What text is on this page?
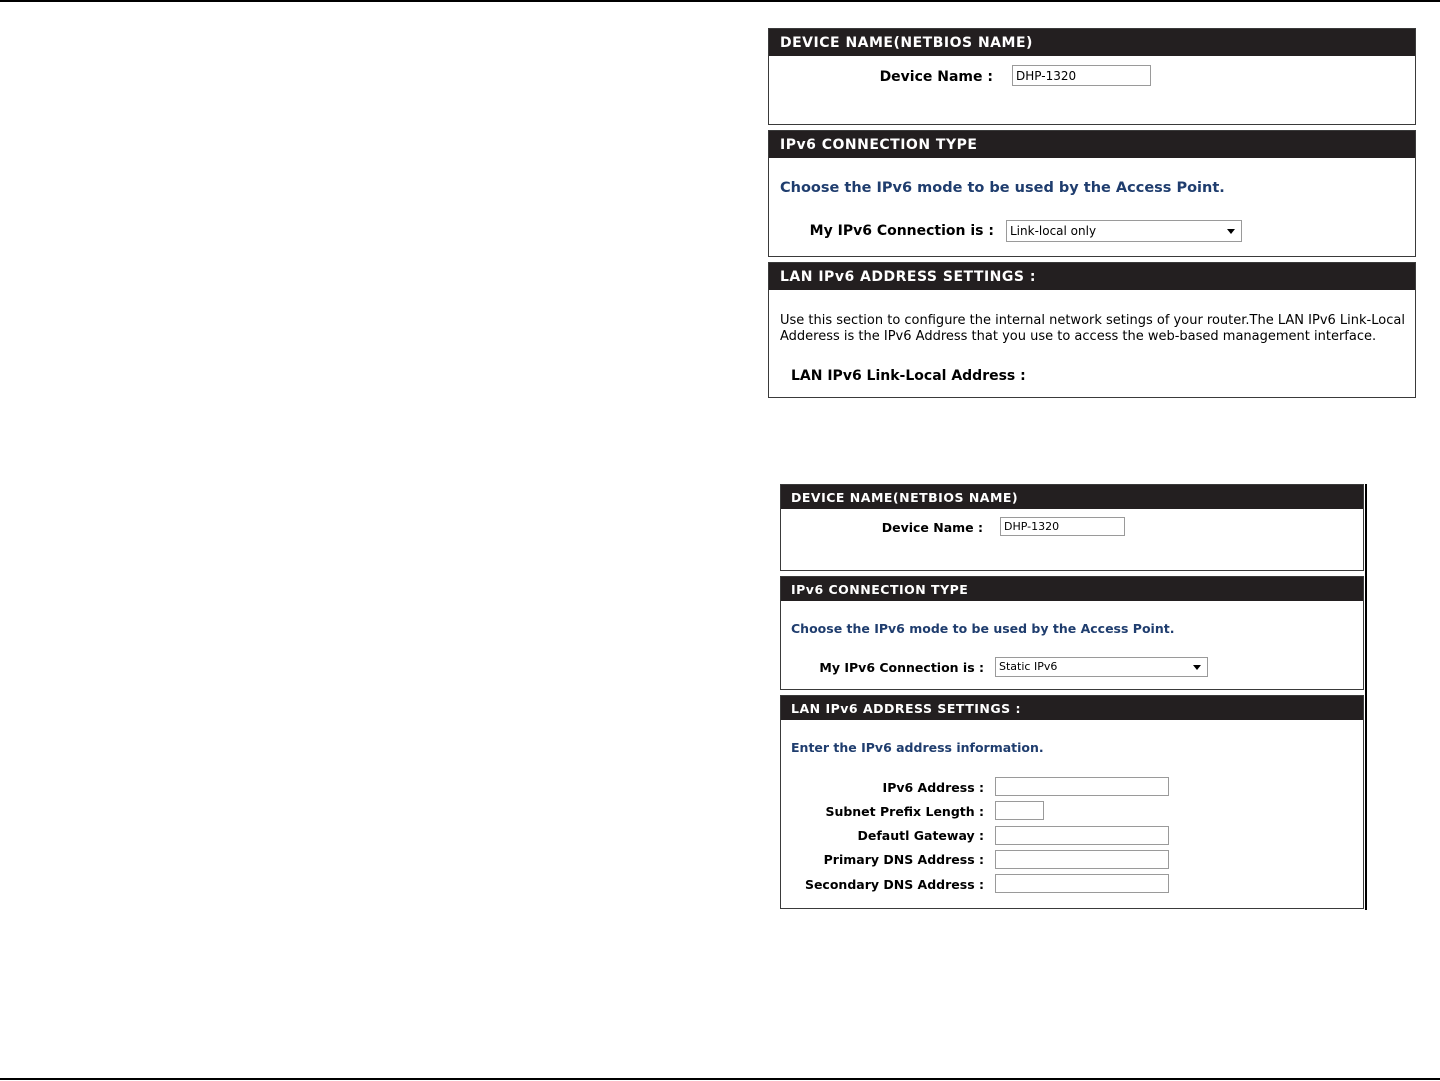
DEVICE NAME(NETBIOS NAME)
Device Name :
DHP-1320
IPv6 CONNECTION TYPE
Choose the IPv6 mode to be used by the Access Point.
My IPv6 Connection is :	Link-local only
LAN IPv6 ADDRESS SETTINGS :
Use this section to configure the internal network setings of your router.The LAN IPv6 Link-Local
Adderess is the IPv6 Address that you use to access the web-based management interface.
LAN IPv6 Link-Local Address :
DEVICE NAME(NETBIOS NAME)
Device Name :
DHP-1320
IPv6 CONNECTION TYPE
Choose the IPv6 mode to be used by the Access Point.
My IPv6 Connection is :	Static IPv6
LAN IPv6 ADDRESS SETTINGS :
Enter the IPv6 address information.
IPv6 Address :
Subnet Prefix Length :
Defautl Gateway :
Primary DNS Address :
Secondary DNS Address :
